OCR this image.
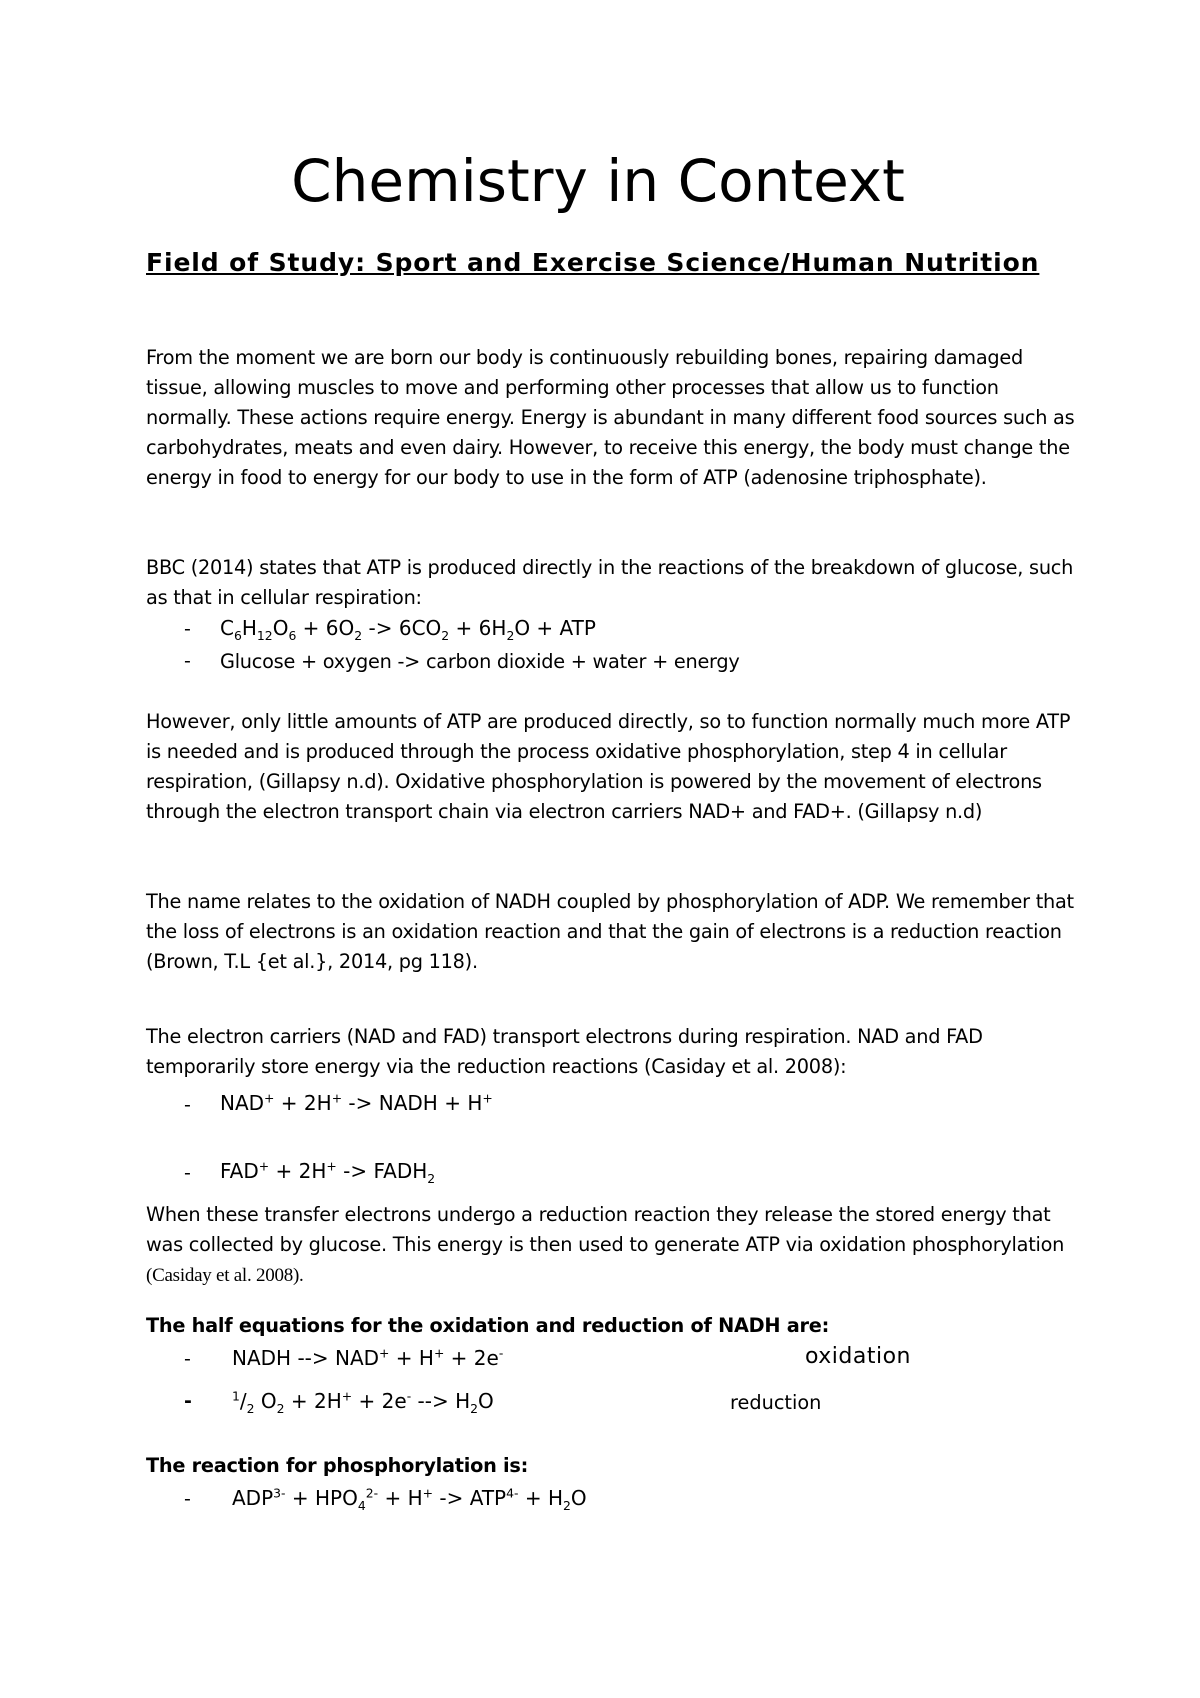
Chemistry in Context
Field of Study: Sport and Exercise Science/Human Nutrition

From the moment we are born our body is continuously rebuilding bones, repairing damaged tissue, allowing muscles to move and performing other processes that allow us to function normally. These actions require energy. Energy is abundant in many different food sources such as carbohydrates, meats and even dairy. However, to receive this energy, the body must change the energy in food to energy for our body to use in the form of ATP (adenosine triphosphate).

BBC (2014) states that ATP is produced directly in the reactions of the breakdown of glucose, such as that in cellular respiration:

- $C_6H_{12}O_6 + 6O_2 -> 6CO_2 + 6H_2O$ + ATP
- Glucose + oxygen -> carbon dioxide + water + energy

However, only little amounts of ATP are produced directly, so to function normally much more ATP is needed and is produced through the process oxidative phosphorylation, step 4 in cellular respiration, (Gillapsy n.d). Oxidative phosphorylation is powered by the movement of electrons through the electron transport chain via electron carriers NAD+ and FAD+. (Gillapsy n.d)

The name relates to the oxidation of NADH coupled by phosphorylation of ADP. We remember that the loss of electrons is an oxidation reaction and that the gain of electrons is a reduction reaction (Brown, T.L {et al.}, 2014, pg 118).

The electron carriers (NAD and FAD) transport electrons during respiration. NAD and FAD temporarily store energy via the reduction reactions (Casiday et al. 2008):

- NAD+ + 2H+ -> NADH + H+
- $FAD^+ + 2H^+ -> FADH_2$

When these transfer electrons undergo a reduction reaction they release the stored energy that was collected by glucose. This energy is then used to generate ATP via oxidation phosphorylation (Casiday et al. 2008).

The half equations for the oxidation and reduction of NADH are:

- NADH --> NAD+ + H+ + 2e-	oxidation
-	$^1/_2$ $O_2 + 2H^+ + 2e^-$ --> $H_2O$	reduction

The reaction for phosphorylation is:

- $ADP^{3-} + HPO_4^{2-} + H^+ -> ATP^{4-} + H_2O$
